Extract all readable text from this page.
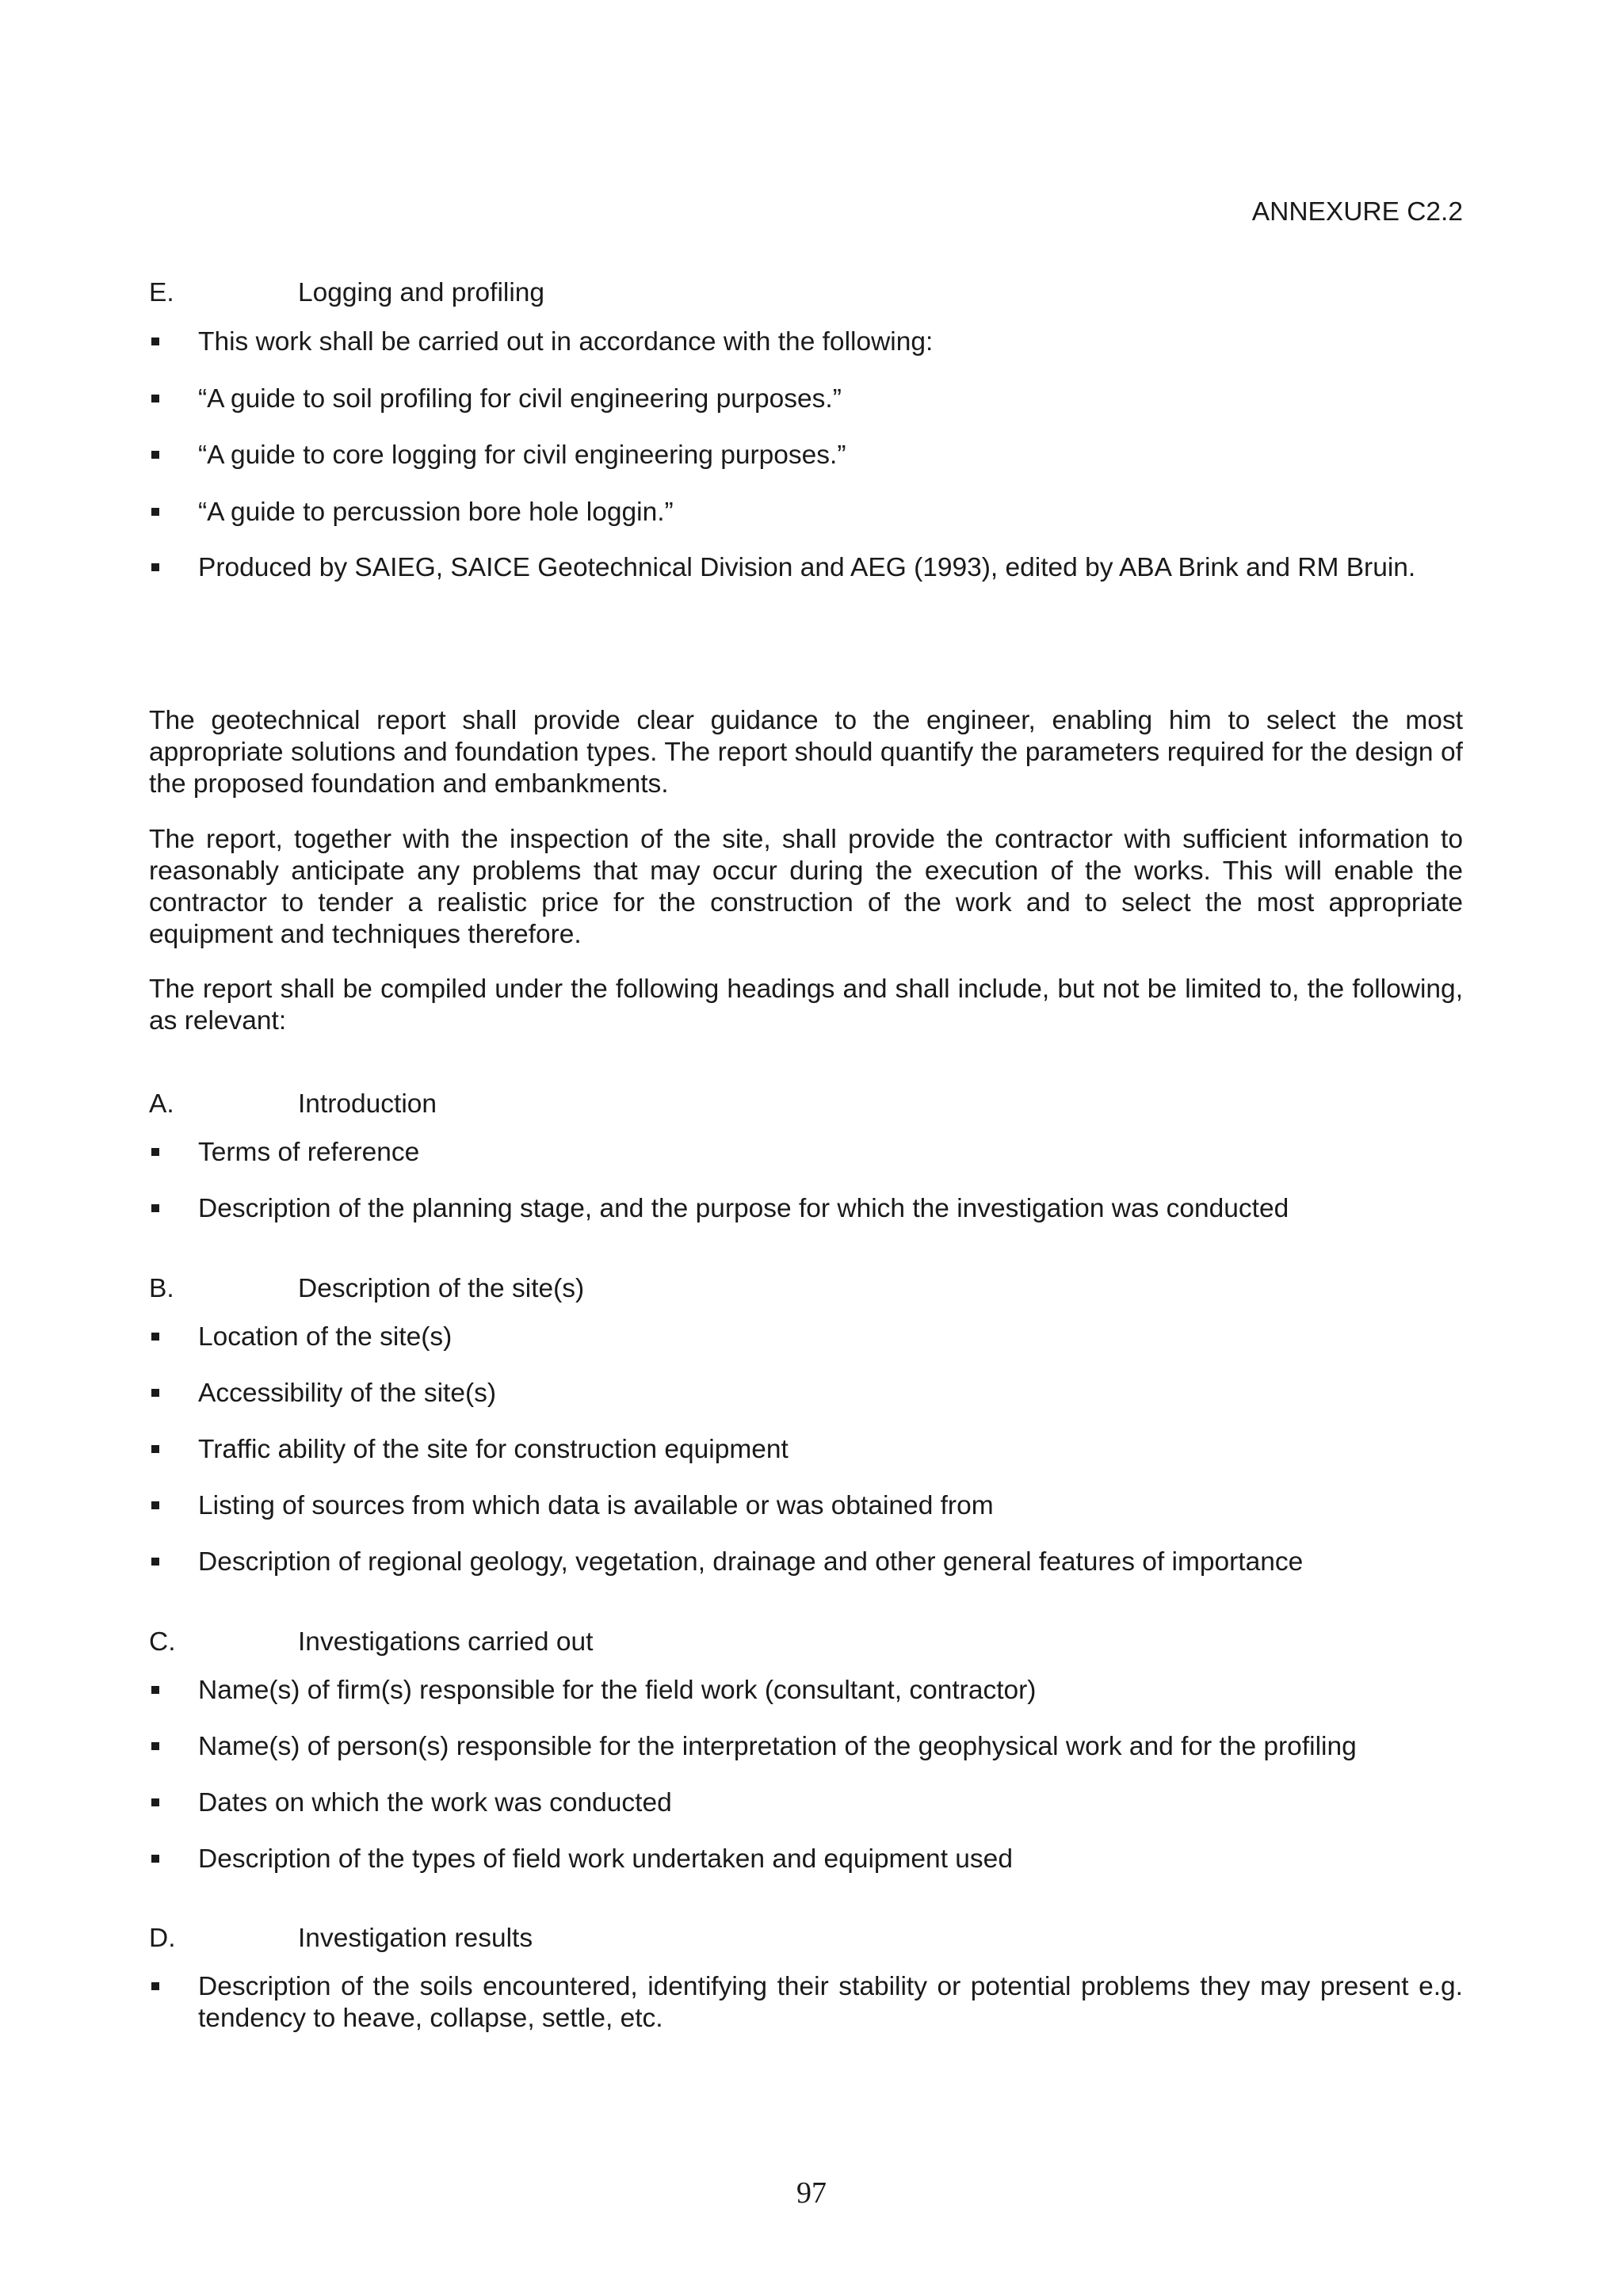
ANNEXURE C2.2
E.	Logging and profiling
This work shall be carried out in accordance with the following:
“A guide to soil profiling for civil engineering purposes.”
“A guide to core logging for civil engineering purposes.”
“A guide to percussion bore hole loggin.”
Produced by SAIEG, SAICE Geotechnical Division and AEG (1993), edited by ABA Brink and RM Bruin.
The geotechnical report shall provide clear guidance to the engineer, enabling him to select the most appropriate solutions and foundation types. The report should quantify the parameters required for the design of the proposed foundation and embankments.
The report, together with the inspection of the site, shall provide the contractor with sufficient information to reasonably anticipate any problems that may occur during the execution of the works. This will enable the contractor to tender a realistic price for the construction of the work and to select the most appropriate equipment and techniques therefore.
The report shall be compiled under the following headings and shall include, but not be limited to, the following, as relevant:
A.	Introduction
Terms of reference
Description of the planning stage, and the purpose for which the investigation was conducted
B.	Description of the site(s)
Location of the site(s)
Accessibility of the site(s)
Traffic ability of the site for construction equipment
Listing of sources from which data is available or was obtained from
Description of regional geology, vegetation, drainage and other general features of importance
C.	Investigations carried out
Name(s) of firm(s) responsible for the field work (consultant, contractor)
Name(s) of person(s) responsible for the interpretation of the geophysical work and for the profiling
Dates on which the work was conducted
Description of the types of field work undertaken and equipment used
D.	Investigation results
Description of the soils encountered, identifying their stability or potential problems they may present e.g. tendency to heave, collapse, settle, etc.
97
